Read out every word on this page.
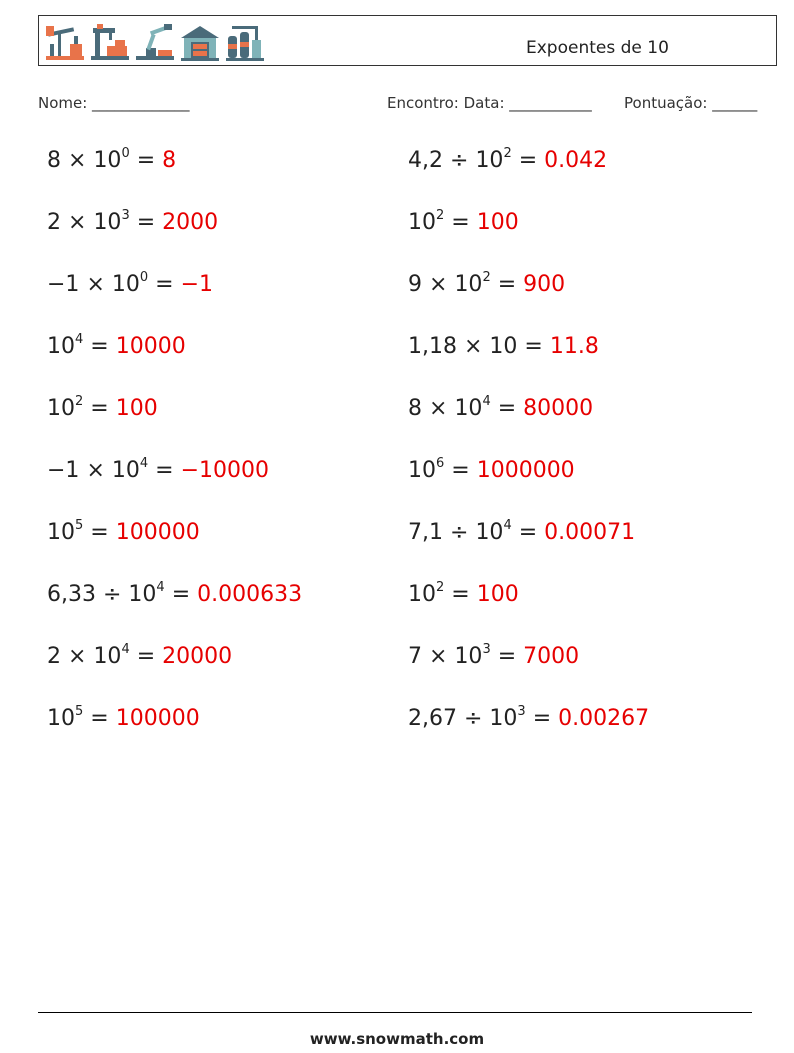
Expoentes de 10
Nome: _____________	Encontro: Data: ___________ Pontuação: ______
$8 \times 10^0 = 8$	$4,2 \div 10^2 = 0.042$
$2 \times 10^3 = 2000$	$10^2 = 100$
$-1 \times 10^0 = -1$	$9 \times 10^2 = 900$
$10^4 = 10000$	1,18 × 10 = 11.8
$10^2 = 100$	$8 \times 10^4 = 80000$
$-1 \times 10^4 = -10000$	$10^6 = 1000000$
$10^5 = 100000$	$7,1 \div 10^4 = 0.00071$
$6,33 \div 10^4 = 0.000633$	$10^2 = 100$
$2 \times 10^4 = 20000$	$7 \times 10^3 = 7000$
$10^5 = 100000$	$2,67 \div 10^3 = 0.00267$
www.snowmath.com
